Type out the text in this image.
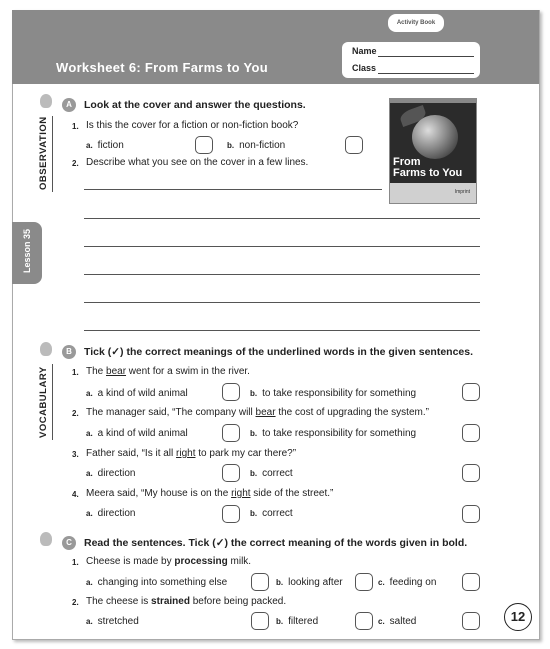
Activity Book
Worksheet 6: From Farms to You
Name
Class
Lesson 35
A	Look at the cover and answer the questions.
OBSERVATION	1. Is this the cover for a fiction or non-fiction book?
a. fiction	b. non-fiction
2. Describe what you see on the cover in a few lines.	From
Farms to You
Imprint
B	Tick (✓) the correct meanings of the underlined words in the given sentences.
VOCABULARY	1. The bear went for a swim in the river.
a. a kind of wild animal	b. to take responsibility for something
2. The manager said, “The company will bear the cost of upgrading the system.”
a. a kind of wild animal	b. to take responsibility for something
3. Father said, “Is it all right to park my car there?”
a. direction	b. correct
4. Meera said, “My house is on the right side of the street.”
a. direction	b. correct
C	Read the sentences. Tick (✓) the correct meaning of the words given in bold.
1. Cheese is made by processing milk.
a. changing into something else	b. looking after	c. feeding on
2. The cheese is strained before being packed.
a. stretched	b. filtered	c. salted	12
